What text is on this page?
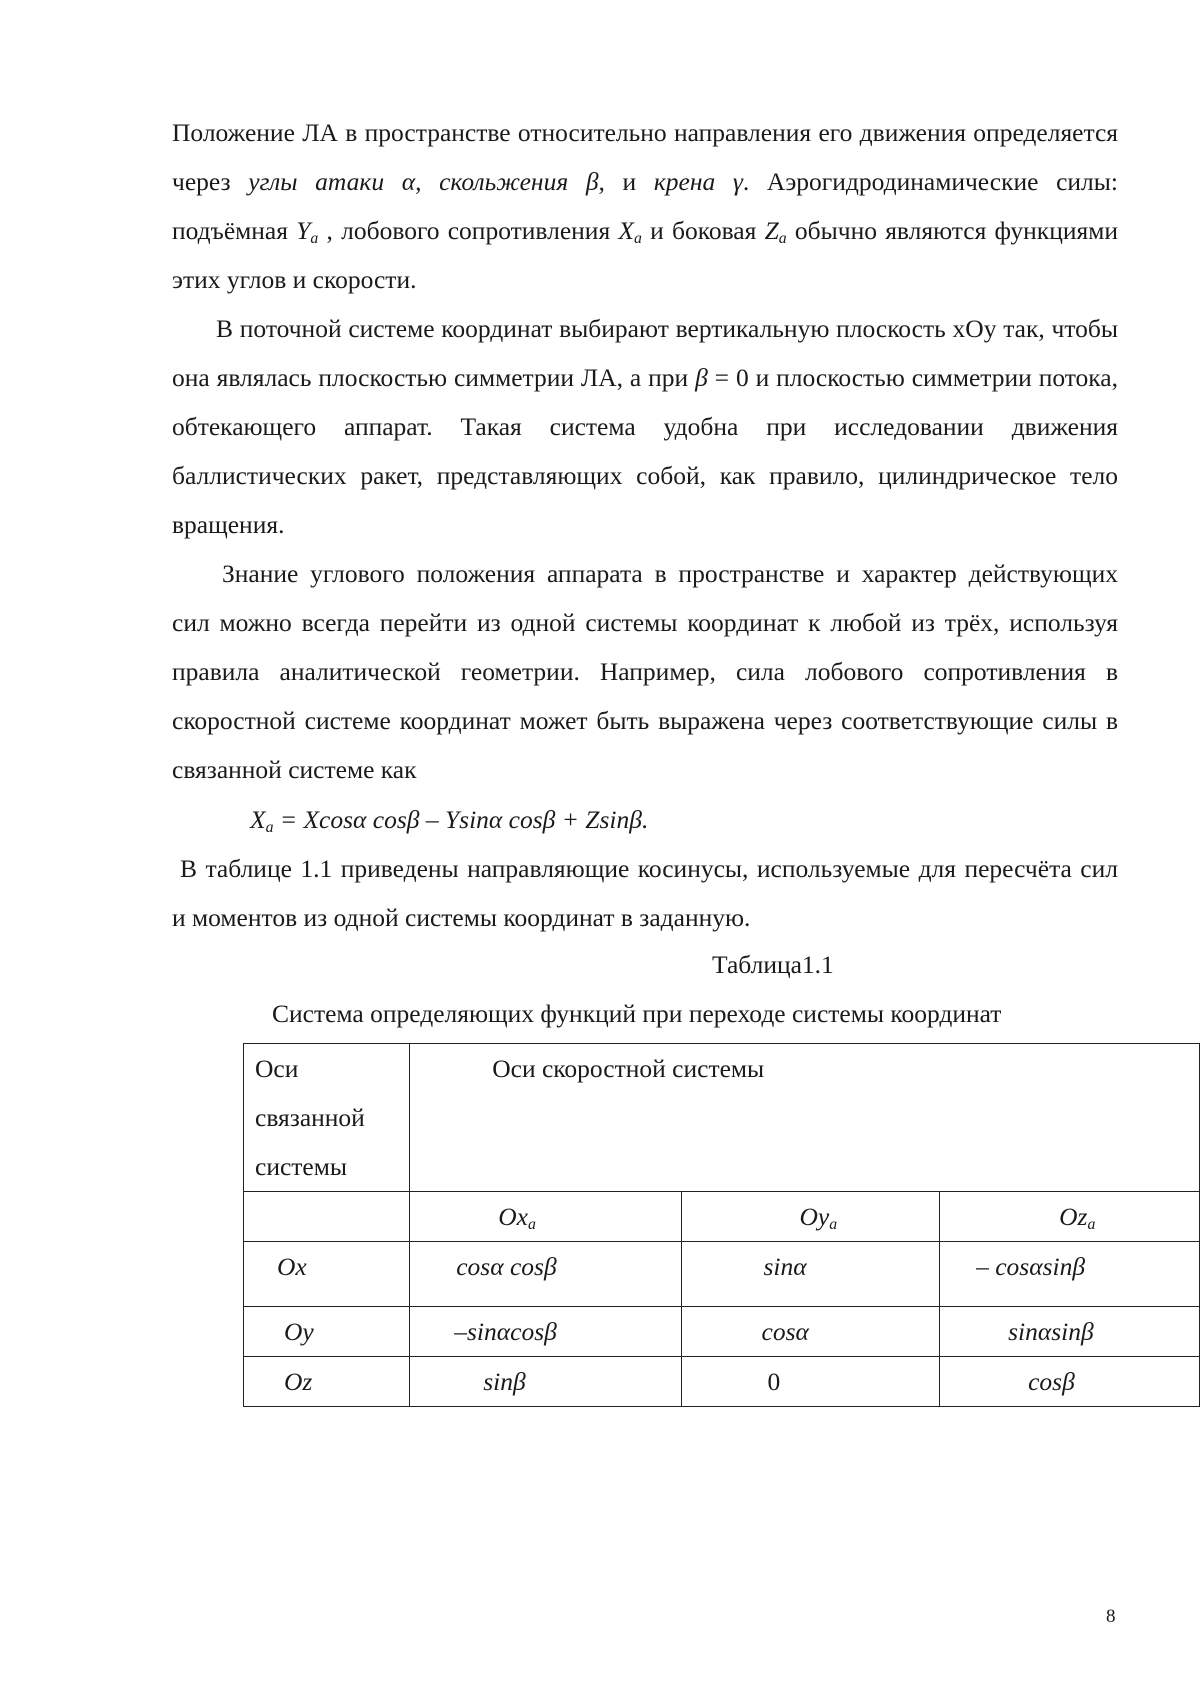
Положение ЛА в пространстве относительно направления его движения определяется через углы атаки α, скольжения β, и крена γ. Аэрогидродинамические силы: подъёмная $Y_a$ , лобового сопротивления $X_a$ и боковая $Z_a$ обычно являются функциями этих углов и скорости.

В поточной системе координат выбирают вертикальную плоскость xOy так, чтобы она являлась плоскостью симметрии ЛА, а при β = 0 и плоскостью симметрии потока, обтекающего аппарат. Такая система удобна при исследовании движения баллистических ракет, представляющих собой, как правило, цилиндрическое тело вращения.

Знание углового положения аппарата в пространстве и характер действующих сил можно всегда перейти из одной системы координат к любой из трёх, используя правила аналитической геометрии. Например, сила лобового сопротивления в скоростной системе координат может быть выражена через соответствующие силы в связанной системе как

$X_a = Xcos\alpha$ cosβ – Ysinα cosβ + Zsinβ.

В таблице 1.1 приведены направляющие косинусы, используемые для пересчёта сил и моментов из одной системы координат в заданную.

Таблица1.1
Система определяющих функций при переходе системы координат
Оси
связанной
системы	Оси скоростной системы		
	$Ox_a$	$Oy_a$	$Oz_a$
Ox	cosα cosβ	sinα	– cosαsinβ
Oy	–sinαcosβ	cosα	sinαsinβ
Oz	sinβ	0	cosβ
8
